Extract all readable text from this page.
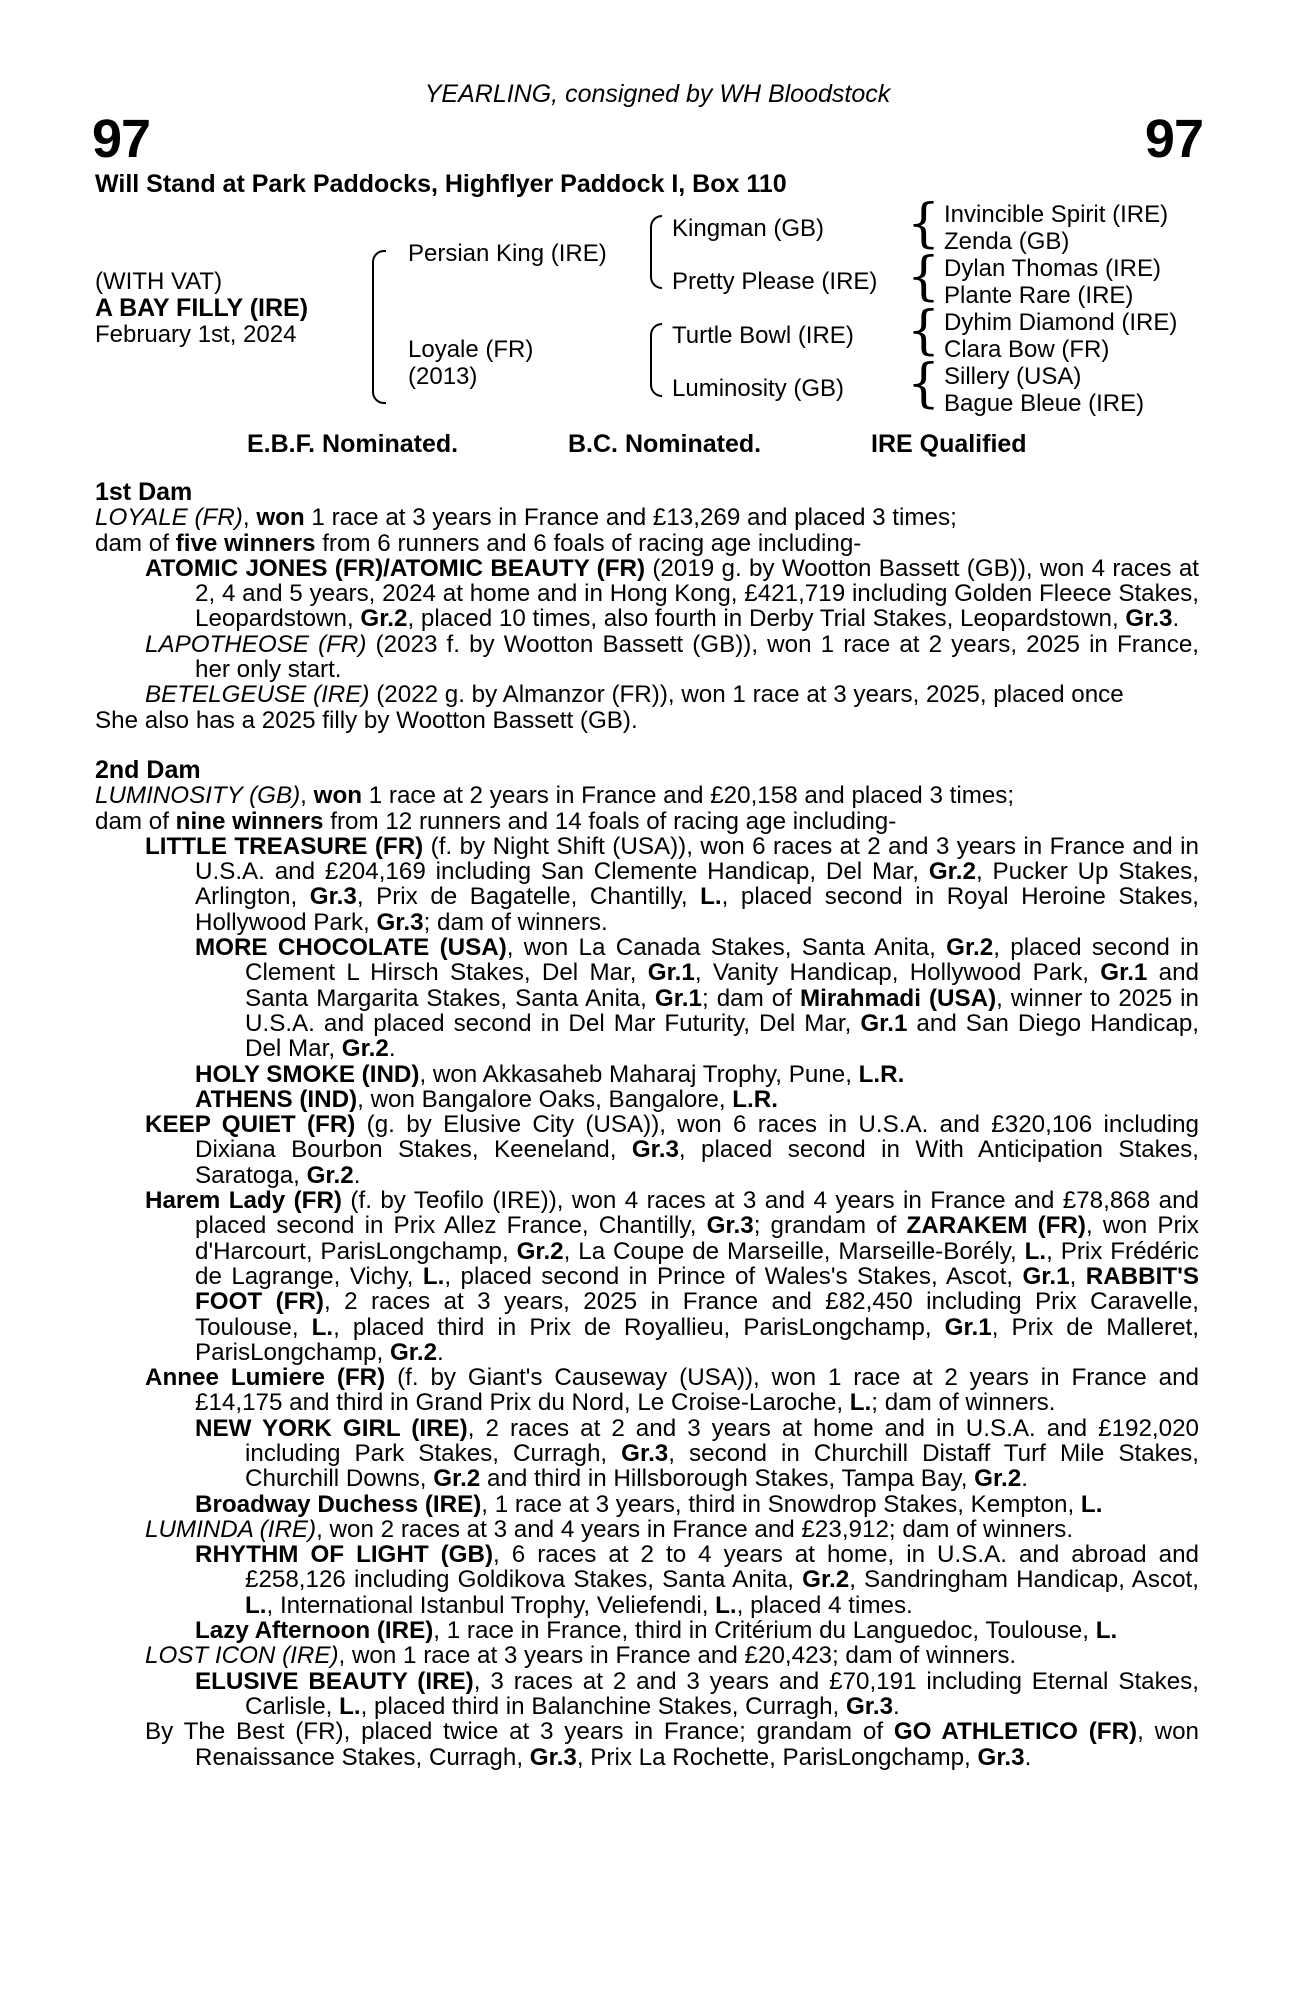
YEARLING, consigned by WH Bloodstock
97	97
Will Stand at Park Paddocks, Highflyer Paddock I, Box 110
(WITH VAT)
A BAY FILLY (IRE)
February 1st, 2024
Persian King (IRE)
Loyale (FR)
(2013)
Kingman (GB)
Pretty Please (IRE)
Turtle Bowl (IRE)
Luminosity (GB)
{
{
{
{
Invincible Spirit (IRE)
Zenda (GB)
Dylan Thomas (IRE)
Plante Rare (IRE)
Dyhim Diamond (IRE)
Clara Bow (FR)
Sillery (USA)
Bague Bleue (IRE)
E.B.F. Nominated.	B.C. Nominated.	IRE Qualified

1st Dam

LOYALE (FR), won 1 race at 3 years in France and £13,269 and placed 3 times;

dam of five winners from 6 runners and 6 foals of racing age including-

ATOMIC JONES (FR)/ATOMIC BEAUTY (FR) (2019 g. by Wootton Bassett (GB)), won 4 races at 2, 4 and 5 years, 2024 at home and in Hong Kong, £421,719 including Golden Fleece Stakes, Leopardstown, Gr.2, placed 10 times, also fourth in Derby Trial Stakes, Leopardstown, Gr.3.

LAPOTHEOSE (FR) (2023 f. by Wootton Bassett (GB)), won 1 race at 2 years, 2025 in France, her only start.

BETELGEUSE (IRE) (2022 g. by Almanzor (FR)), won 1 race at 3 years, 2025, placed once

She also has a 2025 filly by Wootton Bassett (GB).

2nd Dam

LUMINOSITY (GB), won 1 race at 2 years in France and £20,158 and placed 3 times;

dam of nine winners from 12 runners and 14 foals of racing age including-

LITTLE TREASURE (FR) (f. by Night Shift (USA)), won 6 races at 2 and 3 years in France and in U.S.A. and £204,169 including San Clemente Handicap, Del Mar, Gr.2, Pucker Up Stakes, Arlington, Gr.3, Prix de Bagatelle, Chantilly, L., placed second in Royal Heroine Stakes, Hollywood Park, Gr.3; dam of winners.

MORE CHOCOLATE (USA), won La Canada Stakes, Santa Anita, Gr.2, placed second in Clement L Hirsch Stakes, Del Mar, Gr.1, Vanity Handicap, Hollywood Park, Gr.1 and Santa Margarita Stakes, Santa Anita, Gr.1; dam of Mirahmadi (USA), winner to 2025 in U.S.A. and placed second in Del Mar Futurity, Del Mar, Gr.1 and San Diego Handicap, Del Mar, Gr.2.

HOLY SMOKE (IND), won Akkasaheb Maharaj Trophy, Pune, L.R.

ATHENS (IND), won Bangalore Oaks, Bangalore, L.R.

KEEP QUIET (FR) (g. by Elusive City (USA)), won 6 races in U.S.A. and £320,106 including Dixiana Bourbon Stakes, Keeneland, Gr.3, placed second in With Anticipation Stakes, Saratoga, Gr.2.

Harem Lady (FR) (f. by Teofilo (IRE)), won 4 races at 3 and 4 years in France and £78,868 and placed second in Prix Allez France, Chantilly, Gr.3; grandam of ZARAKEM (FR), won Prix d'Harcourt, ParisLongchamp, Gr.2, La Coupe de Marseille, Marseille-Borély, L., Prix Frédéric de Lagrange, Vichy, L., placed second in Prince of Wales's Stakes, Ascot, Gr.1, RABBIT'S FOOT (FR), 2 races at 3 years, 2025 in France and £82,450 including Prix Caravelle, Toulouse, L., placed third in Prix de Royallieu, ParisLongchamp, Gr.1, Prix de Malleret, ParisLongchamp, Gr.2.

Annee Lumiere (FR) (f. by Giant's Causeway (USA)), won 1 race at 2 years in France and £14,175 and third in Grand Prix du Nord, Le Croise-Laroche, L.; dam of winners.

NEW YORK GIRL (IRE), 2 races at 2 and 3 years at home and in U.S.A. and £192,020 including Park Stakes, Curragh, Gr.3, second in Churchill Distaff Turf Mile Stakes, Churchill Downs, Gr.2 and third in Hillsborough Stakes, Tampa Bay, Gr.2.

Broadway Duchess (IRE), 1 race at 3 years, third in Snowdrop Stakes, Kempton, L.

LUMINDA (IRE), won 2 races at 3 and 4 years in France and £23,912; dam of winners.

RHYTHM OF LIGHT (GB), 6 races at 2 to 4 years at home, in U.S.A. and abroad and £258,126 including Goldikova Stakes, Santa Anita, Gr.2, Sandringham Handicap, Ascot, L., International Istanbul Trophy, Veliefendi, L., placed 4 times.

Lazy Afternoon (IRE), 1 race in France, third in Critérium du Languedoc, Toulouse, L.

LOST ICON (IRE), won 1 race at 3 years in France and £20,423; dam of winners.

ELUSIVE BEAUTY (IRE), 3 races at 2 and 3 years and £70,191 including Eternal Stakes, Carlisle, L., placed third in Balanchine Stakes, Curragh, Gr.3.

By The Best (FR), placed twice at 3 years in France; grandam of GO ATHLETICO (FR), won Renaissance Stakes, Curragh, Gr.3, Prix La Rochette, ParisLongchamp, Gr.3.
